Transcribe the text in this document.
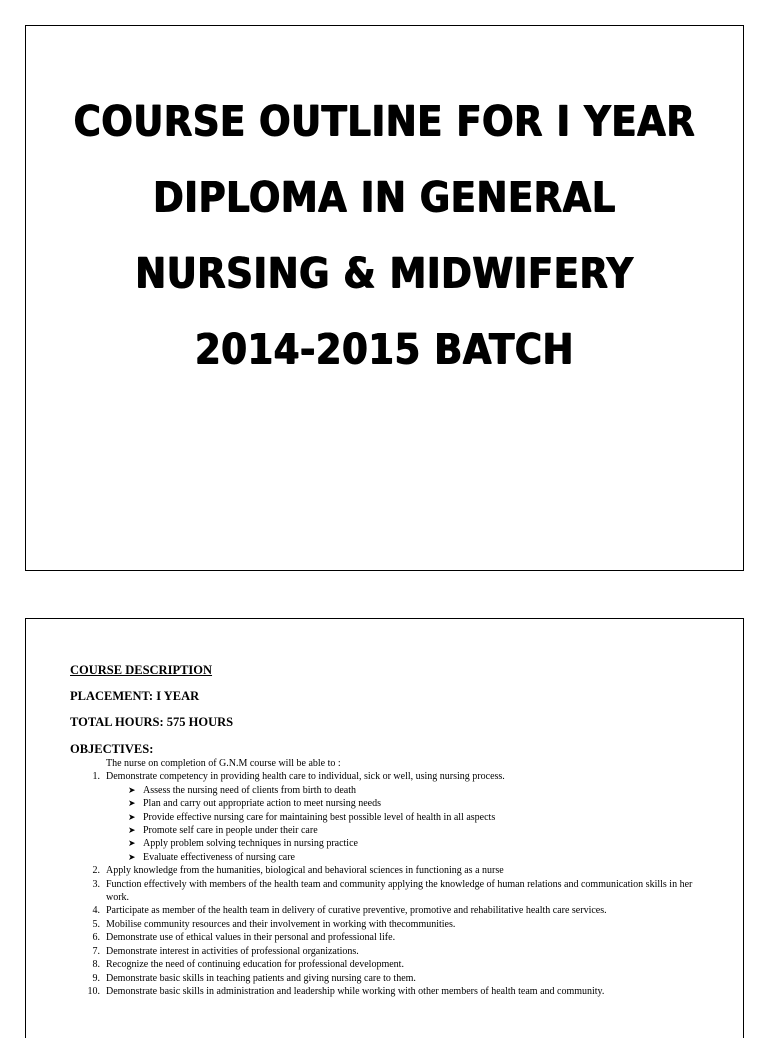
COURSE OUTLINE FOR I YEAR
DIPLOMA IN GENERAL
NURSING & MIDWIFERY
2014-2015 BATCH
COURSE DESCRIPTION
PLACEMENT: I YEAR
TOTAL HOURS: 575 HOURS
OBJECTIVES:
The nurse on completion of G.N.M course will be able to :
1. Demonstrate competency in providing health care to individual, sick or well, using nursing process.
➤ Assess the nursing need of clients from birth to death
➤ Plan and carry out appropriate action to meet nursing needs
➤ Provide effective nursing care for maintaining best possible level of health in all aspects
➤ Promote self care in people under their care
➤ Apply problem solving techniques in nursing practice
➤ Evaluate effectiveness of nursing care
2. Apply knowledge from the humanities, biological and behavioral sciences in functioning as a nurse
3. Function effectively with members of the health team and community applying the knowledge of human relations and communication skills in her work.
4. Participate as member of the health team in delivery of curative preventive, promotive and rehabilitative health care services.
5. Mobilise community resources and their involvement in working with thecommunities.
6. Demonstrate use of ethical values in their personal and professional life.
7. Demonstrate interest in activities of professional organizations.
8. Recognize the need of continuing education for professional development.
9. Demonstrate basic skills in teaching patients and giving nursing care to them.
10. Demonstrate basic skills in administration and leadership while working with other members of health team and community.
